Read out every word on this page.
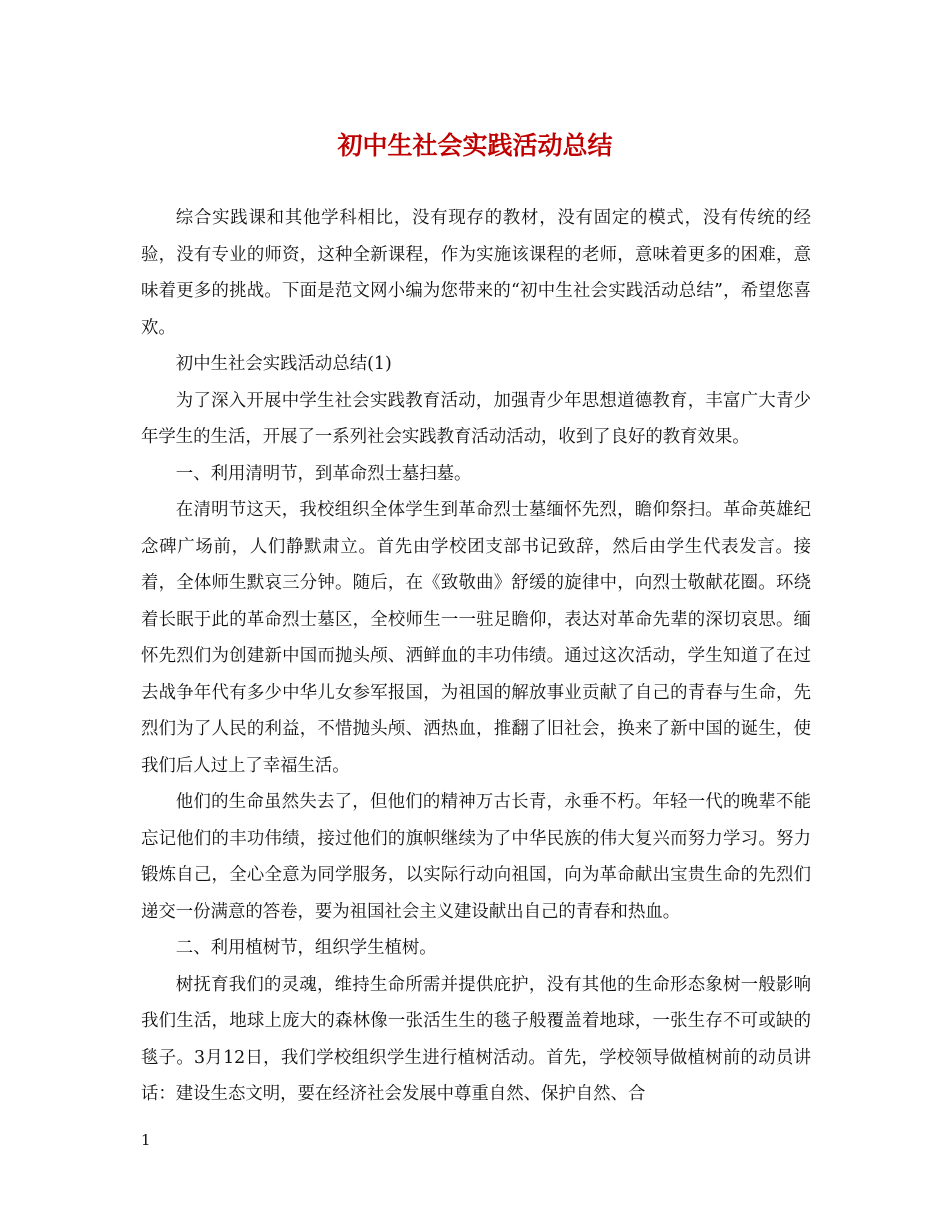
初中生社会实践活动总结

综合实践课和其他学科相比，没有现存的教材，没有固定的模式，没有传统的经验，没有专业的师资，这种全新课程，作为实施该课程的老师，意味着更多的困难，意味着更多的挑战。下面是范文网小编为您带来的“初中生社会实践活动总结”，希望您喜欢。

初中生社会实践活动总结(1)

为了深入开展中学生社会实践教育活动，加强青少年思想道德教育，丰富广大青少年学生的生活，开展了一系列社会实践教育活动活动，收到了良好的教育效果。

一、利用清明节，到革命烈士墓扫墓。

在清明节这天，我校组织全体学生到革命烈士墓缅怀先烈，瞻仰祭扫。革命英雄纪念碑广场前，人们静默肃立。首先由学校团支部书记致辞，然后由学生代表发言。接着，全体师生默哀三分钟。随后，在《致敬曲》舒缓的旋律中，向烈士敬献花圈。环绕着长眠于此的革命烈士墓区，全校师生一一驻足瞻仰，表达对革命先辈的深切哀思。缅怀先烈们为创建新中国而抛头颅、洒鲜血的丰功伟绩。通过这次活动，学生知道了在过去战争年代有多少中华儿女参军报国，为祖国的解放事业贡献了自己的青春与生命，先烈们为了人民的利益，不惜抛头颅、洒热血，推翻了旧社会，换来了新中国的诞生，使我们后人过上了幸福生活。

他们的生命虽然失去了，但他们的精神万古长青，永垂不朽。年轻一代的晚辈不能忘记他们的丰功伟绩，接过他们的旗帜继续为了中华民族的伟大复兴而努力学习。努力锻炼自己，全心全意为同学服务，以实际行动向祖国，向为革命献出宝贵生命的先烈们递交一份满意的答卷，要为祖国社会主义建设献出自己的青春和热血。

二、利用植树节，组织学生植树。

树抚育我们的灵魂，维持生命所需并提供庇护，没有其他的生命形态象树一般影响我们生活，地球上庞大的森林像一张活生生的毯子般覆盖着地球，一张生存不可或缺的毯子。3月12日，我们学校组织学生进行植树活动。首先，学校领导做植树前的动员讲话：建设生态文明，要在经济社会发展中尊重自然、保护自然、合

1
